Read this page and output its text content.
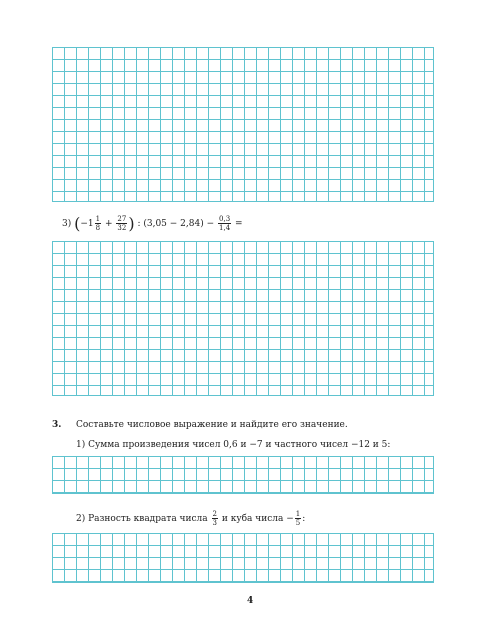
3) ($-1 \frac{1}{8} + \frac{27}{32}$ ) : $(3,05 - 2,84) - \frac{0,3}{1,4}$ =
3. Составьте числовое выражение и найдите его значение.
1) Сумма произведения чисел 0,6 и −7 и частного чисел −12 и 5:
2) Разность квадрата числа $\frac{2}{3}$ и куба числа − $\frac{1}{5}$ :
4
